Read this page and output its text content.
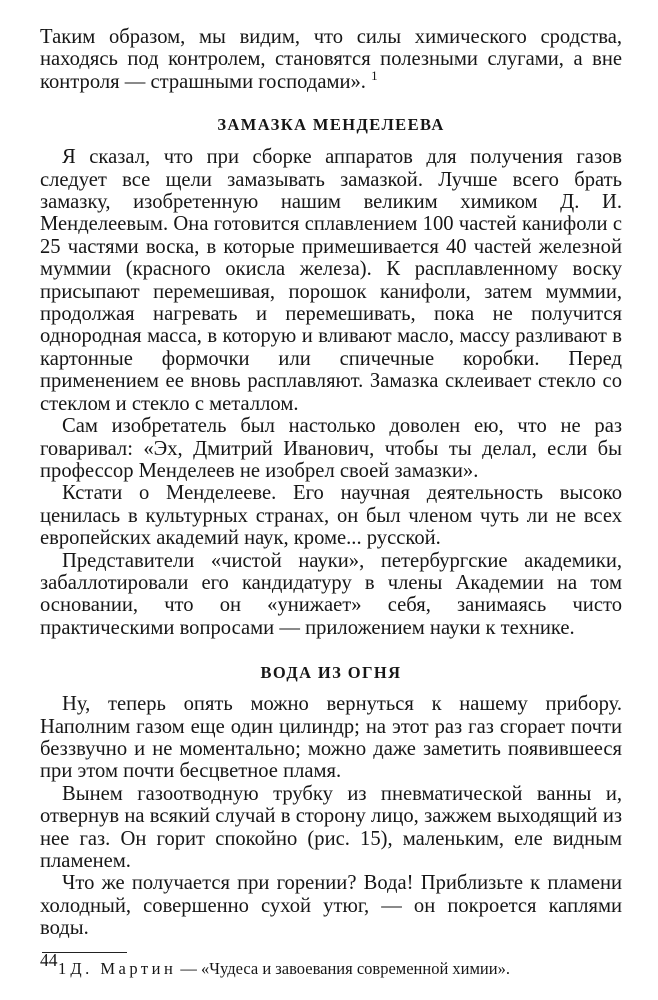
Таким образом, мы видим, что силы химического сродства, находясь под контролем, становятся полезными слугами, а вне контроля — страшными господами». $^1$

ЗАМАЗКА МЕНДЕЛЕЕВА

Я сказал, что при сборке аппаратов для получения газов следует все щели замазывать замазкой. Лучше всего брать замазку, изобретенную нашим великим химиком Д. И. Менделеевым. Она готовится сплавлением 100 частей канифоли с 25 частями воска, в которые примешивается 40 частей железной муммии (красного окисла железа). К расплавленному воску присыпают перемешивая, порошок канифоли, затем муммии, продолжая нагревать и перемешивать, пока не получится однородная масса, в которую и вливают масло, массу разливают в картонные формочки или спичечные коробки. Перед применением ее вновь расплавляют. Замазка склеивает стекло со стеклом и стекло с металлом.

Сам изобретатель был настолько доволен ею, что не раз говаривал: «Эх, Дмитрий Иванович, чтобы ты делал, если бы профессор Менделеев не изобрел своей замазки».

Кстати о Менделееве. Его научная деятельность высоко ценилась в культурных странах, он был членом чуть ли не всех европейских академий наук, кроме... русской.

Представители «чистой науки», петербургские академики, забаллотировали его кандидатуру в члены Академии на том основании, что он «унижает» себя, занимаясь чисто практическими вопросами — приложением науки к технике.

ВОДА ИЗ ОГНЯ

Ну, теперь опять можно вернуться к нашему прибору. Наполним газом еще один цилиндр; на этот раз газ сгорает почти беззвучно и не моментально; можно даже заметить появившееся при этом почти бесцветное пламя.

Вынем газоотводную трубку из пневматической ванны и, отвернув на всякий случай в сторону лицо, зажжем выходящий из нее газ. Он горит спокойно (рис. 15), маленьким, еле видным пламенем.

Что же получается при горении? Вода! Приблизьте к пламени холодный, совершенно сухой утюг, — он покроется каплями воды.

1 Д. Мартин — «Чудеса и завоевания современной химии».
44
